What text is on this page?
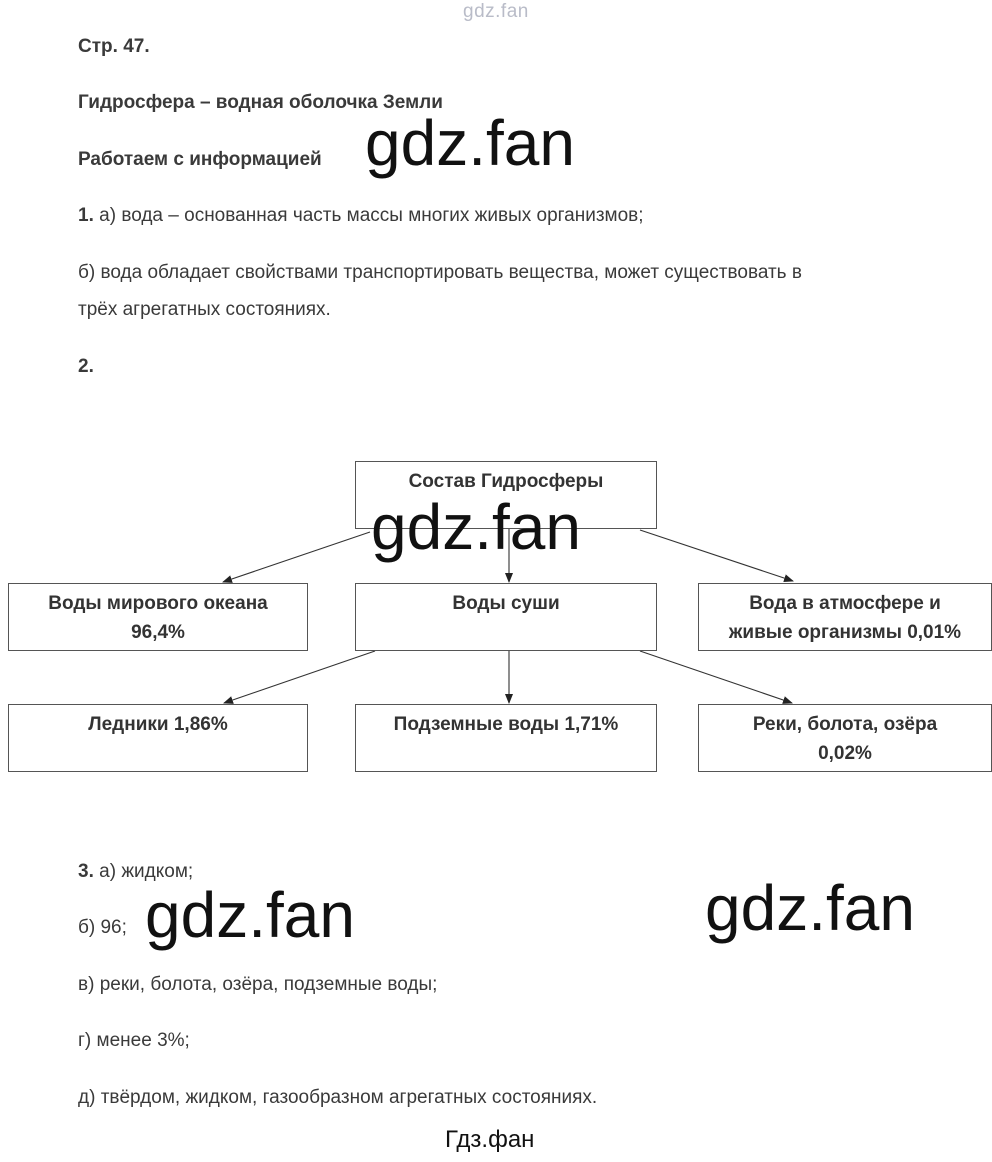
gdz.fan
Стр. 47.
Гидросфера – водная оболочка Земли
Работаем с информацией
1. а) вода – основанная часть массы многих живых организмов;
б) вода обладает свойствами транспортировать вещества, может существовать в
трёх агрегатных состояниях.
2.
Состав Гидросферы
Воды мирового океана
96,4%
Воды суши	Вода в атмосфере и
живые организмы 0,01%
Ледники 1,86%	Подземные воды 1,71%	Реки, болота, озёра
0,02%
3. а) жидком;
б) 96;
в) реки, болота, озёра, подземные воды;
г) менее 3%;
д) твёрдом, жидком, газообразном агрегатных состояниях.
gdz.fan
gdz.fan
gdz.fan	gdz.fan
Гдз.фан
